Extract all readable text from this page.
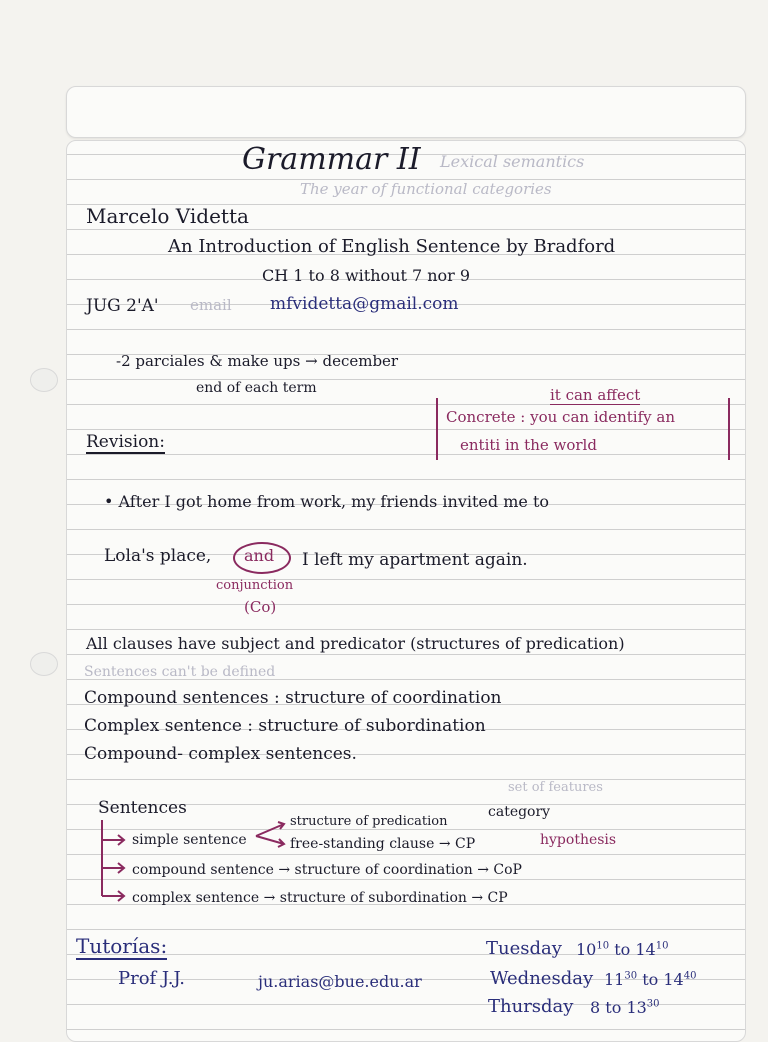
Grammar II Lexical semantics
The year of functional categories
Marcelo Videtta
An Introduction of English Sentence by Bradford
CH 1 to 8 without 7 nor 9
JUG 2'A' email mfvidetta@gmail.com
-2 parciales & make ups → december
end of each term	it can affect
Concrete : you can identify an
entiti in the world
Revision:
• After I got home from work, my friends invited me to
Lola's place, and I left my apartment again.
conjunction
(Co)
All clauses have subject and predicator (structures of predication)
Sentences can't be defined
Compound sentences : structure of coordination
Complex sentence : structure of subordination
Compound- complex sentences.
set of features
Sentences	category
simple sentence
structure of predication
free-standing clause → CP	hypothesis
compound sentence → structure of coordination → CoP
complex sentence → structure of subordination → CP
Tutorías:
Prof J.J.	ju.arias@bue.edu.ar
Tuesday $10^{10}$ to $14^{10}$
Wednesday $11^{30}$ to $14^{40}$
Thursday 8 to $13^{30}$
